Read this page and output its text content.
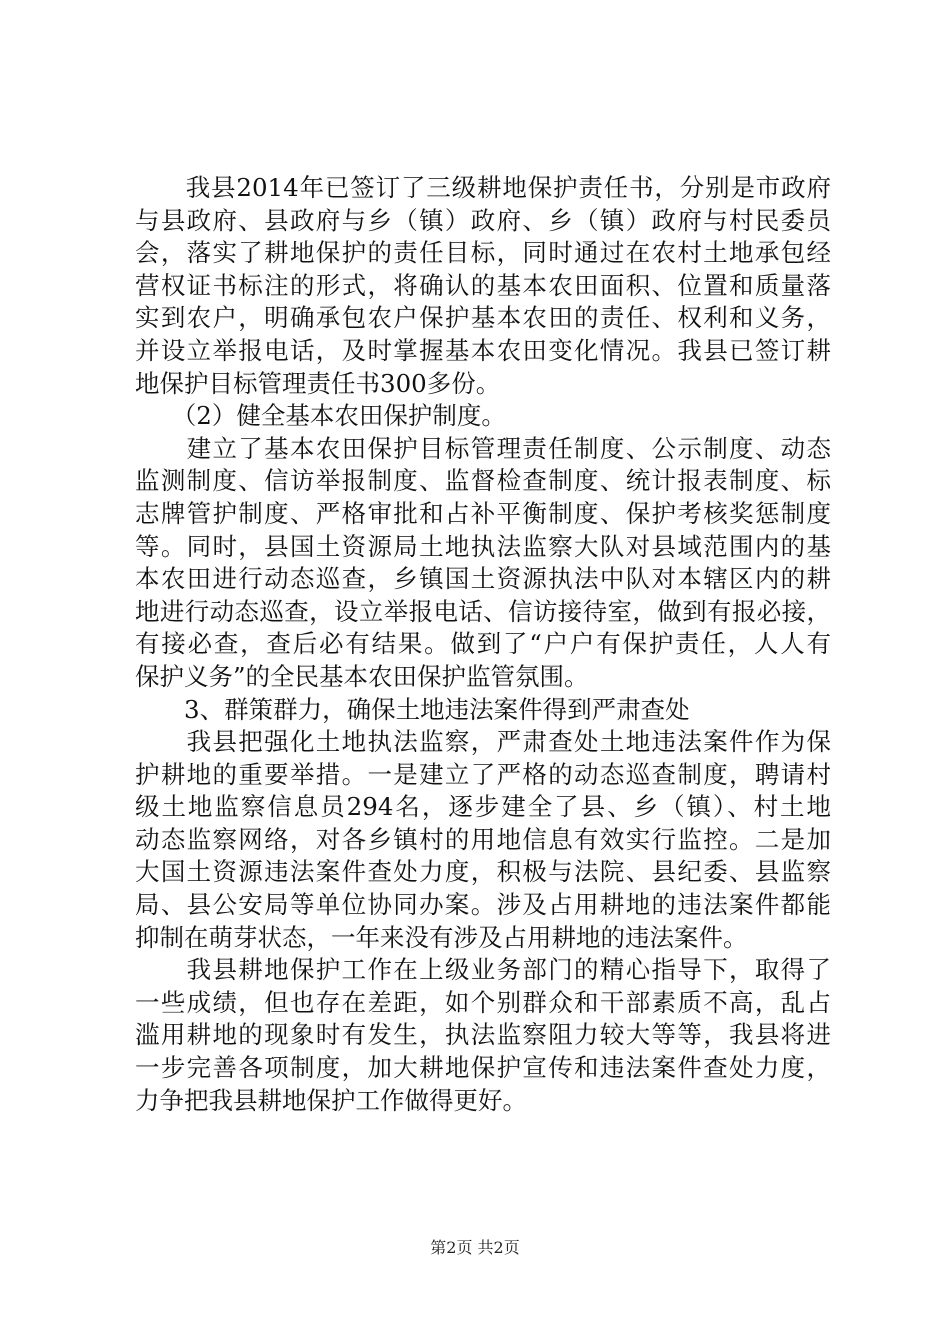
　　我县2014年已签订了三级耕地保护责任书，分别是市政府
与县政府、县政府与乡（镇）政府、乡（镇）政府与村民委员
会，落实了耕地保护的责任目标，同时通过在农村土地承包经
营权证书标注的形式，将确认的基本农田面积、位置和质量落
实到农户，明确承包农户保护基本农田的责任、权利和义务，
并设立举报电话，及时掌握基本农田变化情况。我县已签订耕
地保护目标管理责任书300多份。
　　（2）健全基本农田保护制度。
　　建立了基本农田保护目标管理责任制度、公示制度、动态
监测制度、信访举报制度、监督检查制度、统计报表制度、标
志牌管护制度、严格审批和占补平衡制度、保护考核奖惩制度
等。同时，县国土资源局土地执法监察大队对县域范围内的基
本农田进行动态巡查，乡镇国土资源执法中队对本辖区内的耕
地进行动态巡查，设立举报电话、信访接待室，做到有报必接，
有接必查，查后必有结果。做到了“户户有保护责任，人人有
保护义务”的全民基本农田保护监管氛围。
　　3、群策群力，确保土地违法案件得到严肃查处
　　我县把强化土地执法监察，严肃查处土地违法案件作为保
护耕地的重要举措。一是建立了严格的动态巡查制度，聘请村
级土地监察信息员294名，逐步建全了县、乡（镇）、村土地
动态监察网络，对各乡镇村的用地信息有效实行监控。二是加
大国土资源违法案件查处力度，积极与法院、县纪委、县监察
局、县公安局等单位协同办案。涉及占用耕地的违法案件都能
抑制在萌芽状态，一年来没有涉及占用耕地的违法案件。
　　我县耕地保护工作在上级业务部门的精心指导下，取得了
一些成绩，但也存在差距，如个别群众和干部素质不高，乱占
滥用耕地的现象时有发生，执法监察阻力较大等等，我县将进
一步完善各项制度，加大耕地保护宣传和违法案件查处力度，
力争把我县耕地保护工作做得更好。
第2页 共2页
